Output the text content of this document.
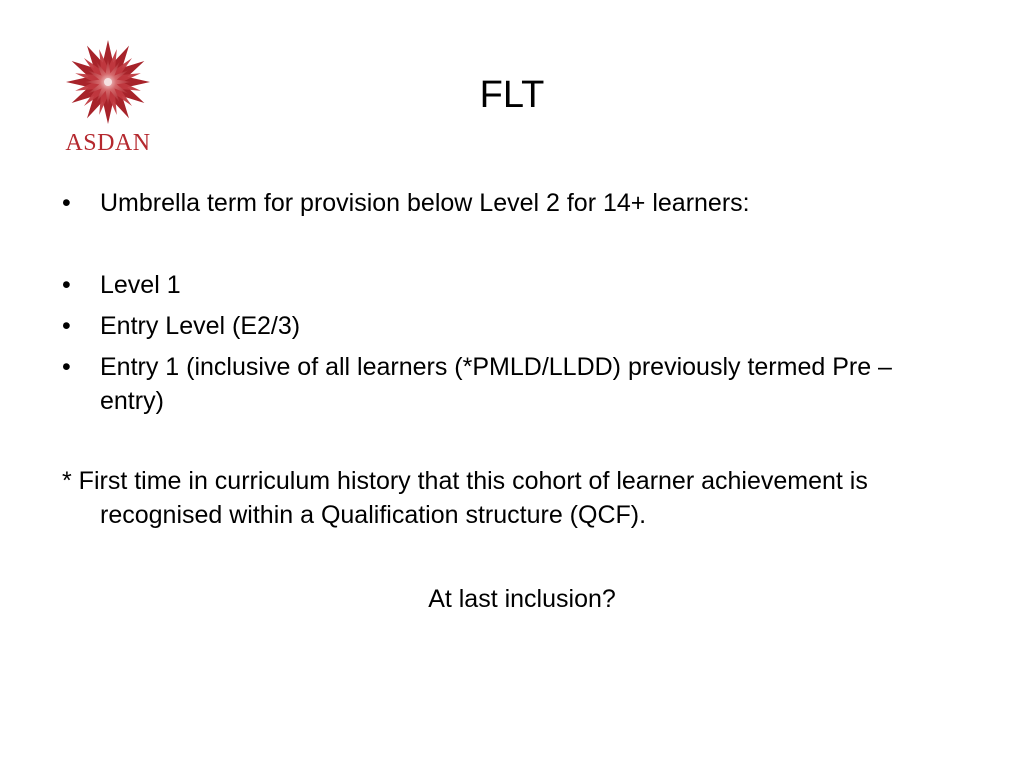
ASDAN
FLT
• Umbrella term for provision below Level 2 for 14+ learners:
• Level 1
• Entry Level (E2/3)
• Entry 1 (inclusive of all learners (*PMLD/LLDD) previously termed Pre – entry)
* First time in curriculum history that this cohort of learner achievement is recognised within a Qualification structure (QCF).
At last inclusion?
